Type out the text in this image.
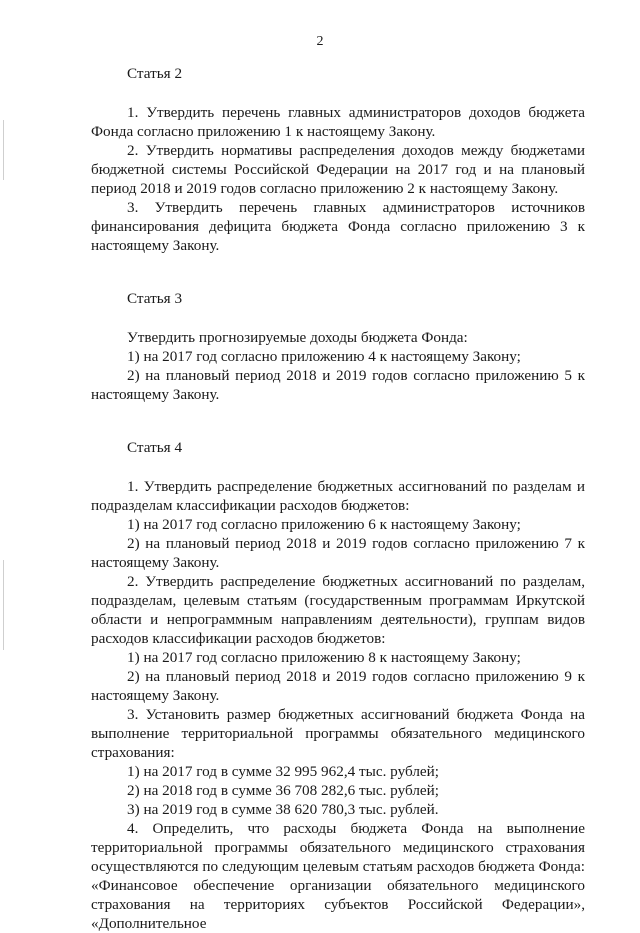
2

Статья 2

1. Утвердить перечень главных администраторов доходов бюджета Фонда согласно приложению 1 к настоящему Закону.

2. Утвердить нормативы распределения доходов между бюджетами бюджетной системы Российской Федерации на 2017 год и на плановый период 2018 и 2019 годов согласно приложению 2 к настоящему Закону.

3. Утвердить перечень главных администраторов источников финансирования дефицита бюджета Фонда согласно приложению 3 к настоящему Закону.

Статья 3

Утвердить прогнозируемые доходы бюджета Фонда:

1) на 2017 год согласно приложению 4 к настоящему Закону;

2) на плановый период 2018 и 2019 годов согласно приложению 5 к настоящему Закону.

Статья 4

1. Утвердить распределение бюджетных ассигнований по разделам и подразделам классификации расходов бюджетов:

1) на 2017 год согласно приложению 6 к настоящему Закону;

2) на плановый период 2018 и 2019 годов согласно приложению 7 к настоящему Закону.

2. Утвердить распределение бюджетных ассигнований по разделам, подразделам, целевым статьям (государственным программам Иркутской области и непрограммным направлениям деятельности), группам видов расходов классификации расходов бюджетов:

1) на 2017 год согласно приложению 8 к настоящему Закону;

2) на плановый период 2018 и 2019 годов согласно приложению 9 к настоящему Закону.

3. Установить размер бюджетных ассигнований бюджета Фонда на выполнение территориальной программы обязательного медицинского страхования:

1) на 2017 год в сумме 32 995 962,4 тыс. рублей;

2) на 2018 год в сумме 36 708 282,6 тыс. рублей;

3) на 2019 год в сумме 38 620 780,3 тыс. рублей.

4. Определить, что расходы бюджета Фонда на выполнение территориальной программы обязательного медицинского страхования осуществляются по следующим целевым статьям расходов бюджета Фонда: «Финансовое обеспечение организации обязательного медицинского страхования на территориях субъектов Российской Федерации», «Дополнительное
